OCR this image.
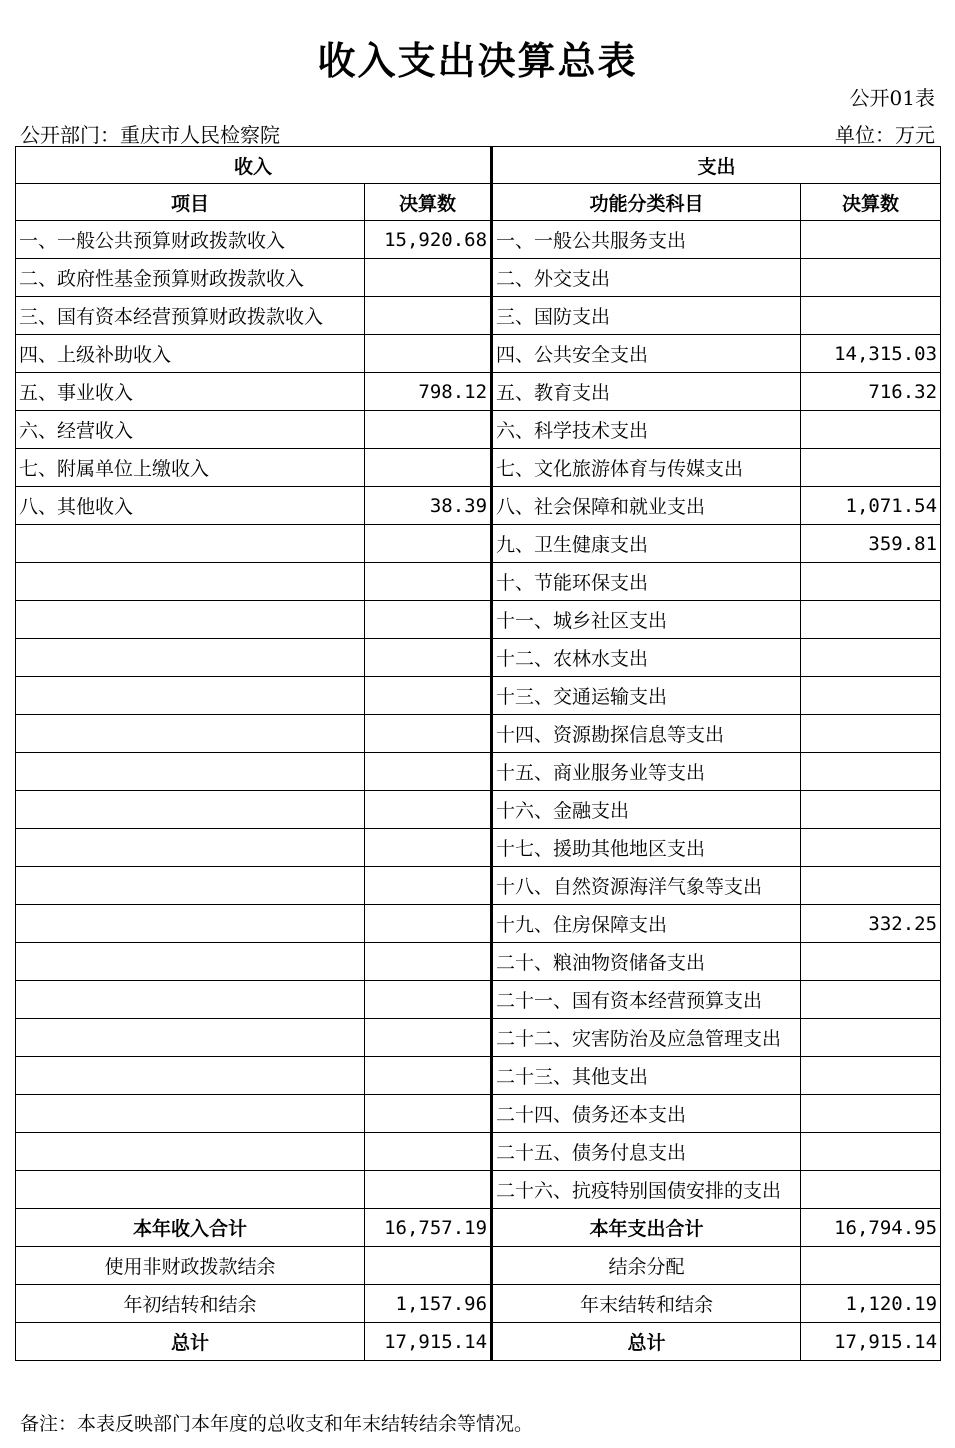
收入支出决算总表
公开01表
公开部门：重庆市人民检察院	单位：万元
收入		支出	
项目	决算数	功能分类科目	决算数
一、一般公共预算财政拨款收入	15,920.68	一、一般公共服务支出	
二、政府性基金预算财政拨款收入		二、外交支出	
三、国有资本经营预算财政拨款收入		三、国防支出	
四、上级补助收入		四、公共安全支出	14,315.03
五、事业收入	798.12	五、教育支出	716.32
六、经营收入		六、科学技术支出	
七、附属单位上缴收入		七、文化旅游体育与传媒支出	
八、其他收入	38.39	八、社会保障和就业支出	1,071.54
		九、卫生健康支出	359.81
		十、节能环保支出	
		十一、城乡社区支出	
		十二、农林水支出	
		十三、交通运输支出	
		十四、资源勘探信息等支出	
		十五、商业服务业等支出	
		十六、金融支出	
		十七、援助其他地区支出	
		十八、自然资源海洋气象等支出	
		十九、住房保障支出	332.25
		二十、粮油物资储备支出	
		二十一、国有资本经营预算支出	
		二十二、灾害防治及应急管理支出	
		二十三、其他支出	
		二十四、债务还本支出	
		二十五、债务付息支出	
		二十六、抗疫特别国债安排的支出	
本年收入合计	16,757.19	本年支出合计	16,794.95
使用非财政拨款结余		结余分配	
年初结转和结余	1,157.96	年末结转和结余	1,120.19
总计	17,915.14	总计	17,915.14
备注：本表反映部门本年度的总收支和年末结转结余等情况。
